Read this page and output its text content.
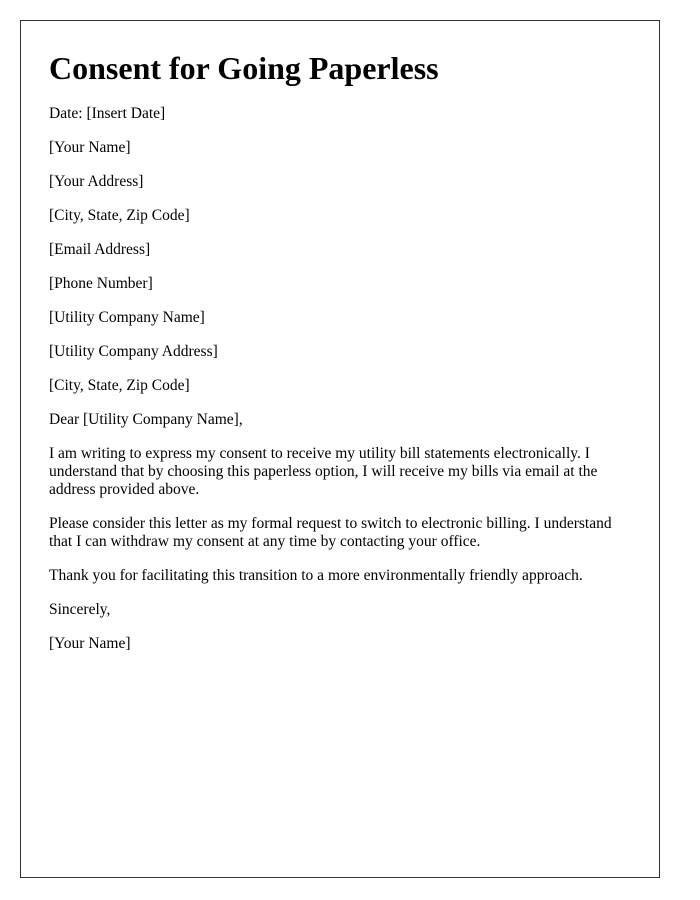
Consent for Going Paperless

Date: [Insert Date]

[Your Name]

[Your Address]

[City, State, Zip Code]

[Email Address]

[Phone Number]

[Utility Company Name]

[Utility Company Address]

[City, State, Zip Code]

Dear [Utility Company Name],

I am writing to express my consent to receive my utility bill statements electronically. I understand that by choosing this paperless option, I will receive my bills via email at the address provided above.

Please consider this letter as my formal request to switch to electronic billing. I understand that I can withdraw my consent at any time by contacting your office.

Thank you for facilitating this transition to a more environmentally friendly approach.

Sincerely,

[Your Name]
